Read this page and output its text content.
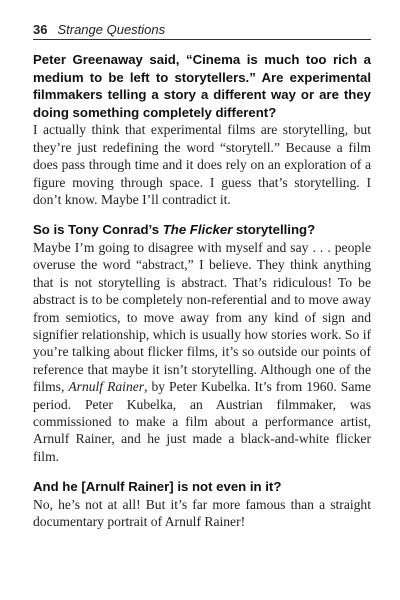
36 Strange Questions

Peter Greenaway said, “Cinema is much too rich a medium to be left to storytellers.” Are experimental filmmakers telling a story a different way or are they doing something completely different?

I actually think that experimental films are storytelling, but they’re just redefining the word “storytell.” Because a film does pass through time and it does rely on an exploration of a figure moving through space. I guess that’s storytelling. I don’t know. Maybe I’ll contradict it.

So is Tony Conrad’s The Flicker storytelling?

Maybe I’m going to disagree with myself and say . . . people overuse the word “abstract,” I believe. They think anything that is not storytelling is abstract. That’s ridiculous! To be abstract is to be completely non-referential and to move away from semiotics, to move away from any kind of sign and signifier relationship, which is usually how stories work. So if you’re talking about flicker films, it’s so outside our points of reference that maybe it isn’t storytelling. Although one of the films, Arnulf Rainer, by Peter Kubelka. It’s from 1960. Same period. Peter Kubelka, an Austrian filmmaker, was commissioned to make a film about a performance artist, Arnulf Rainer, and he just made a black-and-white flicker film.

And he [Arnulf Rainer] is not even in it?

No, he’s not at all! But it’s far more famous than a straight documentary portrait of Arnulf Rainer!
